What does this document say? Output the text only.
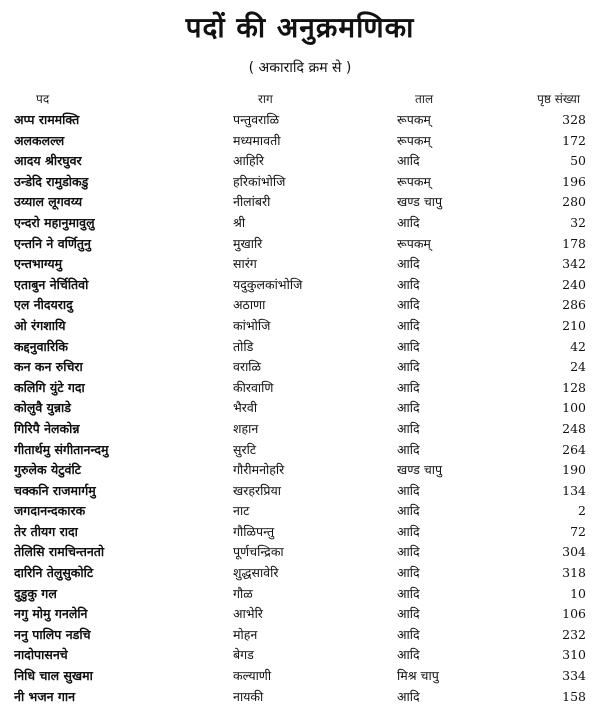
पदों की अनुक्रमणिका
( अकारादि क्रम से )
पद	राग	ताल	पृष्ठ संख्या
अप्प राममक्ति	पन्तुवराळि	रूपकम्	328
अलकलल्ल	मध्यमावती	रूपकम्	172
आदय श्रीरघुवर	आहिरि	आदि	50
उन्डेदि रामुडोकडु	हरिकांभोजि	रूपकम्	196
उय्याल लूगवय्य	नीलांबरी	खण्ड चापु	280
एन्दरो महानुमावुलु	श्री	आदि	32
एन्तनि ने वर्णितुनु	मुखारि	रूपकम्	178
एन्तभाग्यमु	सारंग	आदि	342
एताबुन नेर्चितिवो	यदुकुलकांभोजि	आदि	240
एल नीदयरादु	अठाणा	आदि	286
ओ रंगशायि	कांभोजि	आदि	210
कद्दनुवारिकि	तोडि	आदि	42
कन कन रुचिरा	वराळि	आदि	24
कलिगि युंटे गदा	कीरवाणि	आदि	128
कोलुवै युन्नाडे	भैरवी	आदि	100
गिरिपै नेलकोन्न	शहान	आदि	248
गीतार्थमु संगीतानन्दमु	सुरटि	आदि	264
गुरुलेक येटुवंटि	गौरीमनोहरि	खण्ड चापु	190
चक्कनि राजमार्गमु	खरहरप्रिया	आदि	134
जगदानन्दकारक	नाट	आदि	2
तेर तीयग रादा	गौळिपन्तु	आदि	72
तेलिसि रामचिन्तनतो	पूर्णचन्द्रिका	आदि	304
दारिनि तेलुसुकोटि	शुद्धसावेरि	आदि	318
दुडुकु गल	गौळ	आदि	10
नगु मोमु गनलेनि	आभेरि	आदि	106
ननु पालिप नडचि	मोहन	आदि	232
नादोपासनचे	बेगड	आदि	310
निधि चाल सुखमा	कल्याणी	मिश्र चापु	334
नी भजन गान	नायकी	आदि	158
